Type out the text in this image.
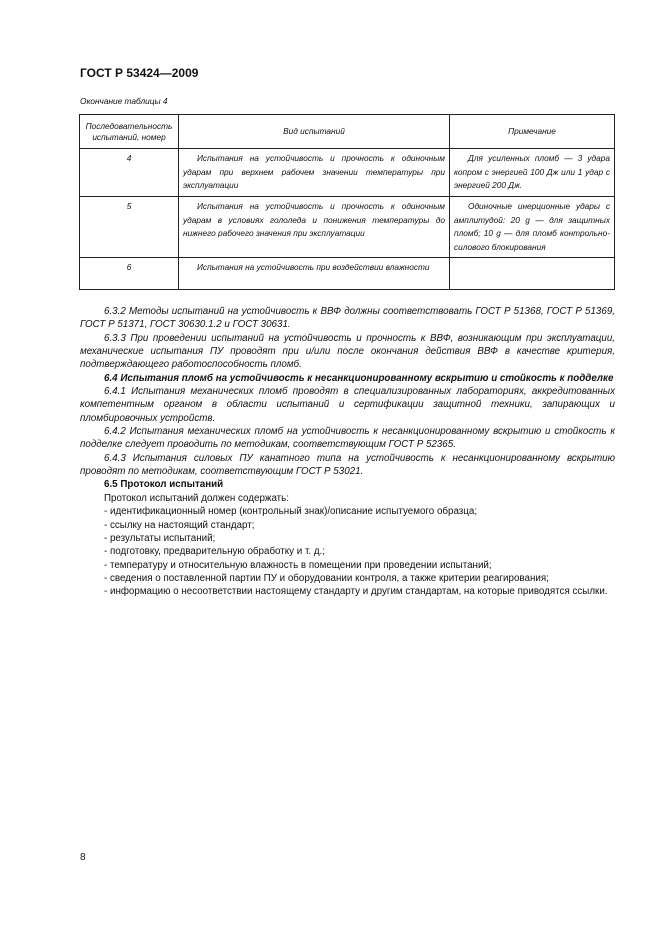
ГОСТ Р 53424—2009
Окончание таблицы 4
Последовательность испытаний, номер	Вид испытаний	Примечание
4	Испытания на устойчивость и прочность к одиночным ударам при верхнем рабочем значении температуры при эксплуатации	Для усиленных пломб — 3 удара копром с энергией 100 Дж или 1 удар с энергией 200 Дж.
5	Испытания на устойчивость и прочность к одиночным ударам в условиях гололеда и понижения температуры до нижнего рабочего значения при эксплуатации	Одиночные инерционные удары с амплитудой: 20 g — для защитных пломб; 10 g — для пломб контрольно-силового блокирования
6	Испытания на устойчивость при воздействии влажности	

6.3.2 Методы испытаний на устойчивость к ВВФ должны соответствовать ГОСТ Р 51368, ГОСТ Р 51369, ГОСТ Р 51371, ГОСТ 30630.1.2 и ГОСТ 30631.

6.3.3 При проведении испытаний на устойчивость и прочность к ВВФ, возникающим при эксплуатации, механические испытания ПУ проводят при и/или после окончания действия ВВФ в качестве критерия, подтверждающего работоспособность пломб.

6.4 Испытания пломб на устойчивость к несанкционированному вскрытию и стойкость к подделке

6.4.1 Испытания механических пломб проводят в специализированных лабораториях, аккредитованных компетентным органом в области испытаний и сертификации защитной техники, запирающих и пломбировочных устройств.

6.4.2 Испытания механических пломб на устойчивость к несанкционированному вскрытию и стойкость к подделке следует проводить по методикам, соответствующим ГОСТ Р 52365.

6.4.3 Испытания силовых ПУ канатного типа на устойчивость к несанкционированному вскрытию проводят по методикам, соответствующим ГОСТ Р 53021.

6.5 Протокол испытаний

Протокол испытаний должен содержать:

- идентификационный номер (контрольный знак)/описание испытуемого образца;
- ссылку на настоящий стандарт;
- результаты испытаний;
- подготовку, предварительную обработку и т. д.;
- температуру и относительную влажность в помещении при проведении испытаний;
- сведения о поставленной партии ПУ и оборудовании контроля, а также критерии реагирования;
- информацию о несоответствии настоящему стандарту и другим стандартам, на которые приводятся ссылки.
8
